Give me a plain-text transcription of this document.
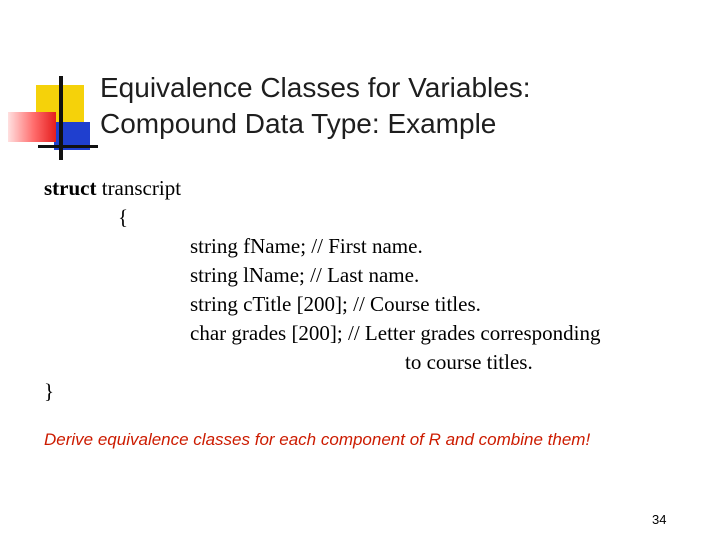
Equivalence Classes for Variables:
Compound Data Type: Example
struct transcript
{
string fName; // First name.
string lName; // Last name.
string cTitle [200]; // Course titles.
char grades [200]; // Letter grades corresponding
to course titles.
}
Derive equivalence classes for each component of R and combine them!
34
